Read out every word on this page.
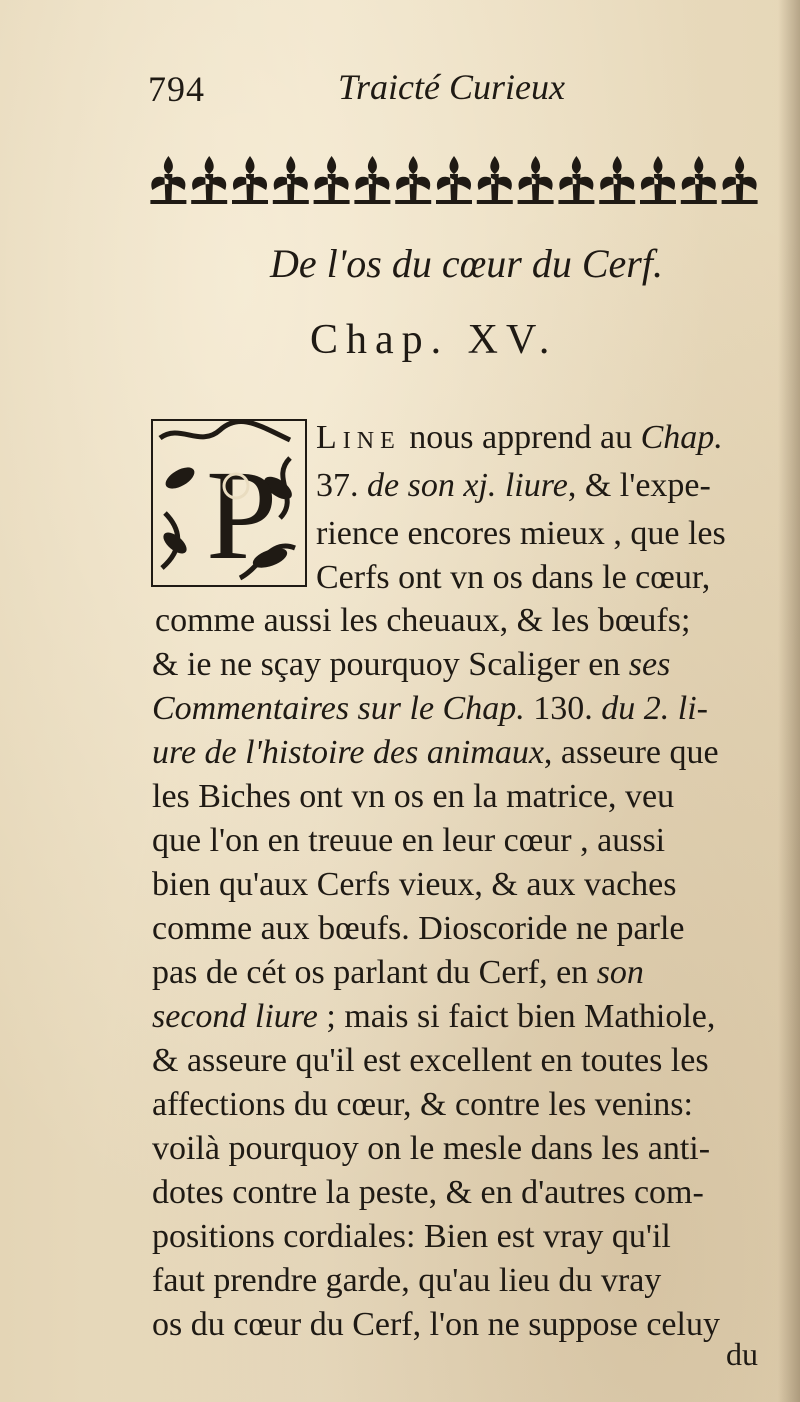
794	Traicté Curieux
De l'os du cœur du Cerf.
Chap. XV.
P
Line nous apprend au Chap.
37. de son xj. liure, & l'expe-
rience encores mieux , que les
Cerfs ont vn os dans le cœur,
comme aussi les cheuaux, & les bœufs;
& ie ne sçay pourquoy Scaliger en ses
Commentaires sur le Chap. 130. du 2. li-
ure de l'histoire des animaux, asseure que
les Biches ont vn os en la matrice, veu
que l'on en treuue en leur cœur , aussi
bien qu'aux Cerfs vieux, & aux vaches
comme aux bœufs. Dioscoride ne parle
pas de cét os parlant du Cerf, en son
second liure ; mais si faict bien Mathiole,
& asseure qu'il est excellent en toutes les
affections du cœur, & contre les venins:
voilà pourquoy on le mesle dans les anti-
dotes contre la peste, & en d'autres com-
positions cordiales: Bien est vray qu'il
faut prendre garde, qu'au lieu du vray
os du cœur du Cerf, l'on ne suppose celuy
du
